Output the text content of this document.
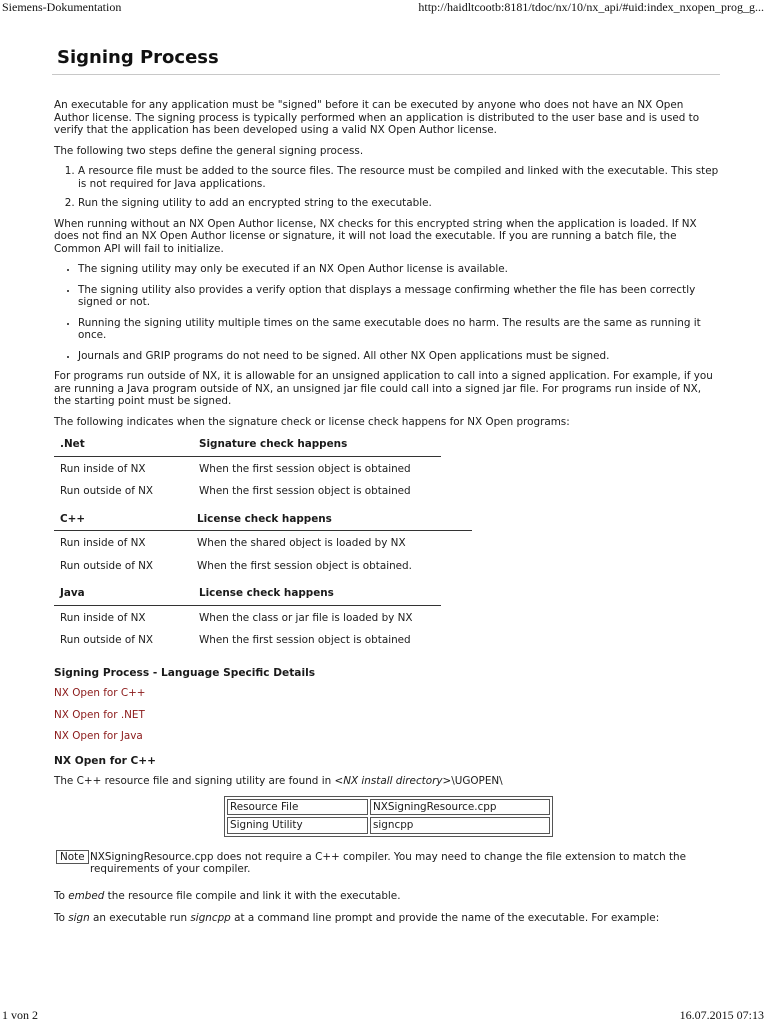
Siemens-Dokumentation	http://haidltcootb:8181/tdoc/nx/10/nx_api/#uid:index_nxopen_prog_g...
Signing Process

An executable for any application must be "signed" before it can be executed by anyone who does not have an NX Open Author license. The signing process is typically performed when an application is distributed to the user base and is used to verify that the application has been developed using a valid NX Open Author license.

The following two steps define the general signing process.

1. A resource file must be added to the source files. The resource must be compiled and linked with the executable. This step is not required for Java applications.
2. Run the signing utility to add an encrypted string to the executable.

When running without an NX Open Author license, NX checks for this encrypted string when the application is loaded. If NX does not find an NX Open Author license or signature, it will not load the executable. If you are running a batch file, the Common API will fail to initialize.

• The signing utility may only be executed if an NX Open Author license is available.
• The signing utility also provides a verify option that displays a message confirming whether the file has been correctly signed or not.
• Running the signing utility multiple times on the same executable does no harm. The results are the same as running it once.
• Journals and GRIP programs do not need to be signed. All other NX Open applications must be signed.

For programs run outside of NX, it is allowable for an unsigned application to call into a signed application. For example, if you are running a Java program outside of NX, an unsigned jar file could call into a signed jar file. For programs run inside of NX, the starting point must be signed.

The following indicates when the signature check or license check happens for NX Open programs:

.Net	Signature check happens
Run inside of NX	When the first session object is obtained
Run outside of NX	When the first session object is obtained
C++	License check happens
Run inside of NX	When the shared object is loaded by NX
Run outside of NX	When the first session object is obtained.
Java	License check happens
Run inside of NX	When the class or jar file is loaded by NX
Run outside of NX	When the first session object is obtained
Signing Process - Language Specific Details
NX Open for C++
NX Open for .NET
NX Open for Java
NX Open for C++

The C++ resource file and signing utility are found in <NX install directory>\UGOPEN\

Resource File	NXSigningResource.cpp
Signing Utility	signcpp
Note NXSigningResource.cpp does not require a C++ compiler. You may need to change the file extension to match the requirements of your compiler.

To embed the resource file compile and link it with the executable.

To sign an executable run signcpp at a command line prompt and provide the name of the executable. For example:

1 von 2	16.07.2015 07:13
